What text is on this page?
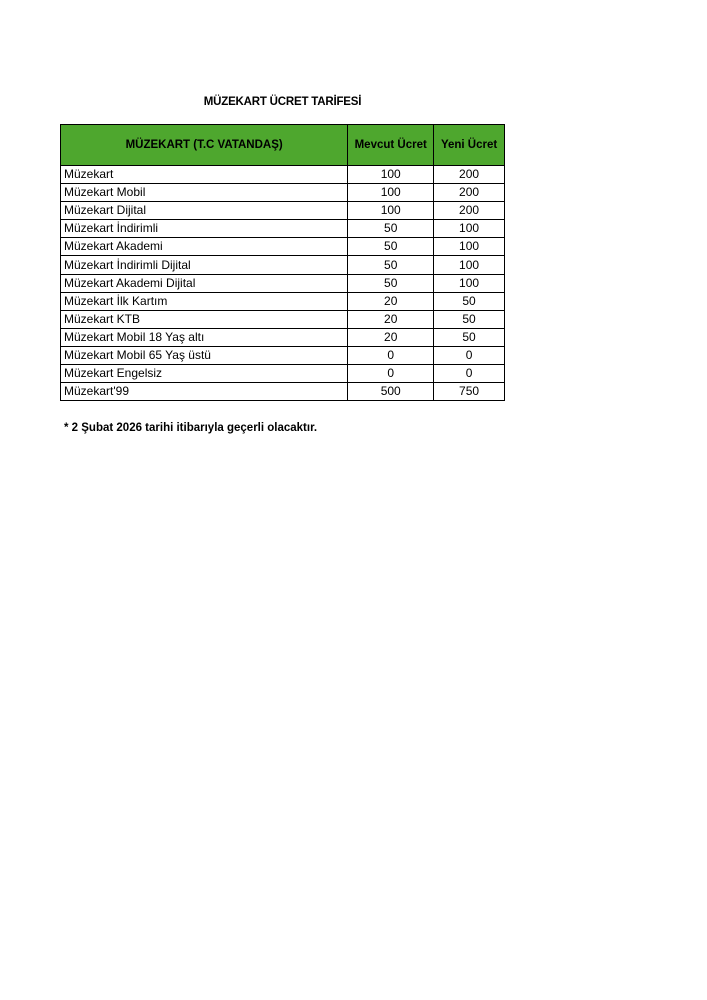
MÜZEKART ÜCRET TARİFESİ
MÜZEKART (T.C VATANDAŞ)	Mevcut Ücret	Yeni Ücret
Müzekart	100	200
Müzekart Mobil	100	200
Müzekart Dijital	100	200
Müzekart İndirimli	50	100
Müzekart Akademi	50	100
Müzekart İndirimli Dijital	50	100
Müzekart Akademi Dijital	50	100
Müzekart İlk Kartım	20	50
Müzekart KTB	20	50
Müzekart Mobil 18 Yaş altı	20	50
Müzekart Mobil 65 Yaş üstü	0	0
Müzekart Engelsiz	0	0
Müzekart'99	500	750
* 2 Şubat 2026 tarihi itibarıyla geçerli olacaktır.
